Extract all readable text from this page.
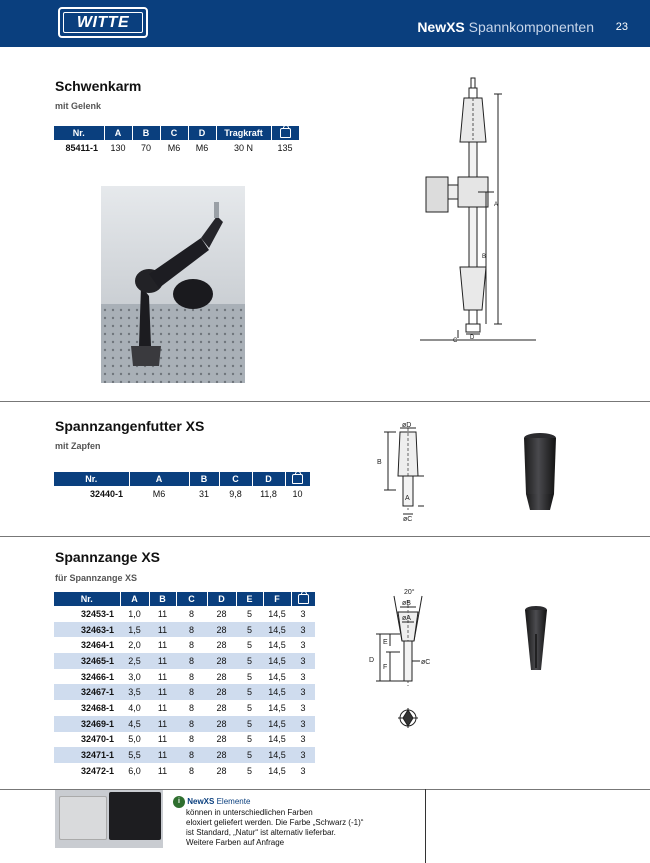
WITTE	NewXS Spannkomponenten 23
Schwenkarm
mit Gelenk
Nr.	A	B	C	D	Tragkraft	
85411-1	130	70	M6	M6	30 N	135
A
B
C D
Spannzangenfutter XS
mit Zapfen
Nr.	A	B	C	D	
32440-1	M6	31	9,8	11,8	10
øD
B
A
øC
Spannzange XS
für Spannzange XS
Nr.	A	B	C	D	E	F	
32453-1	1,0	11	8	28	5	14,5	3
32463-1	1,5	11	8	28	5	14,5	3
32464-1	2,0	11	8	28	5	14,5	3
32465-1	2,5	11	8	28	5	14,5	3
32466-1	3,0	11	8	28	5	14,5	3
32467-1	3,5	11	8	28	5	14,5	3
32468-1	4,0	11	8	28	5	14,5	3
32469-1	4,5	11	8	28	5	14,5	3
32470-1	5,0	11	8	28	5	14,5	3
32471-1	5,5	11	8	28	5	14,5	3
32472-1	6,0	11	8	28	5	14,5	3
20°
øB
øA
E
D
F
øC
i NewXS Elemente
können in unterschiedlichen Farben
eloxiert geliefert werden. Die Farbe „Schwarz (-1)“
ist Standard, „Natur“ ist alternativ lieferbar.
Weitere Farben auf Anfrage
